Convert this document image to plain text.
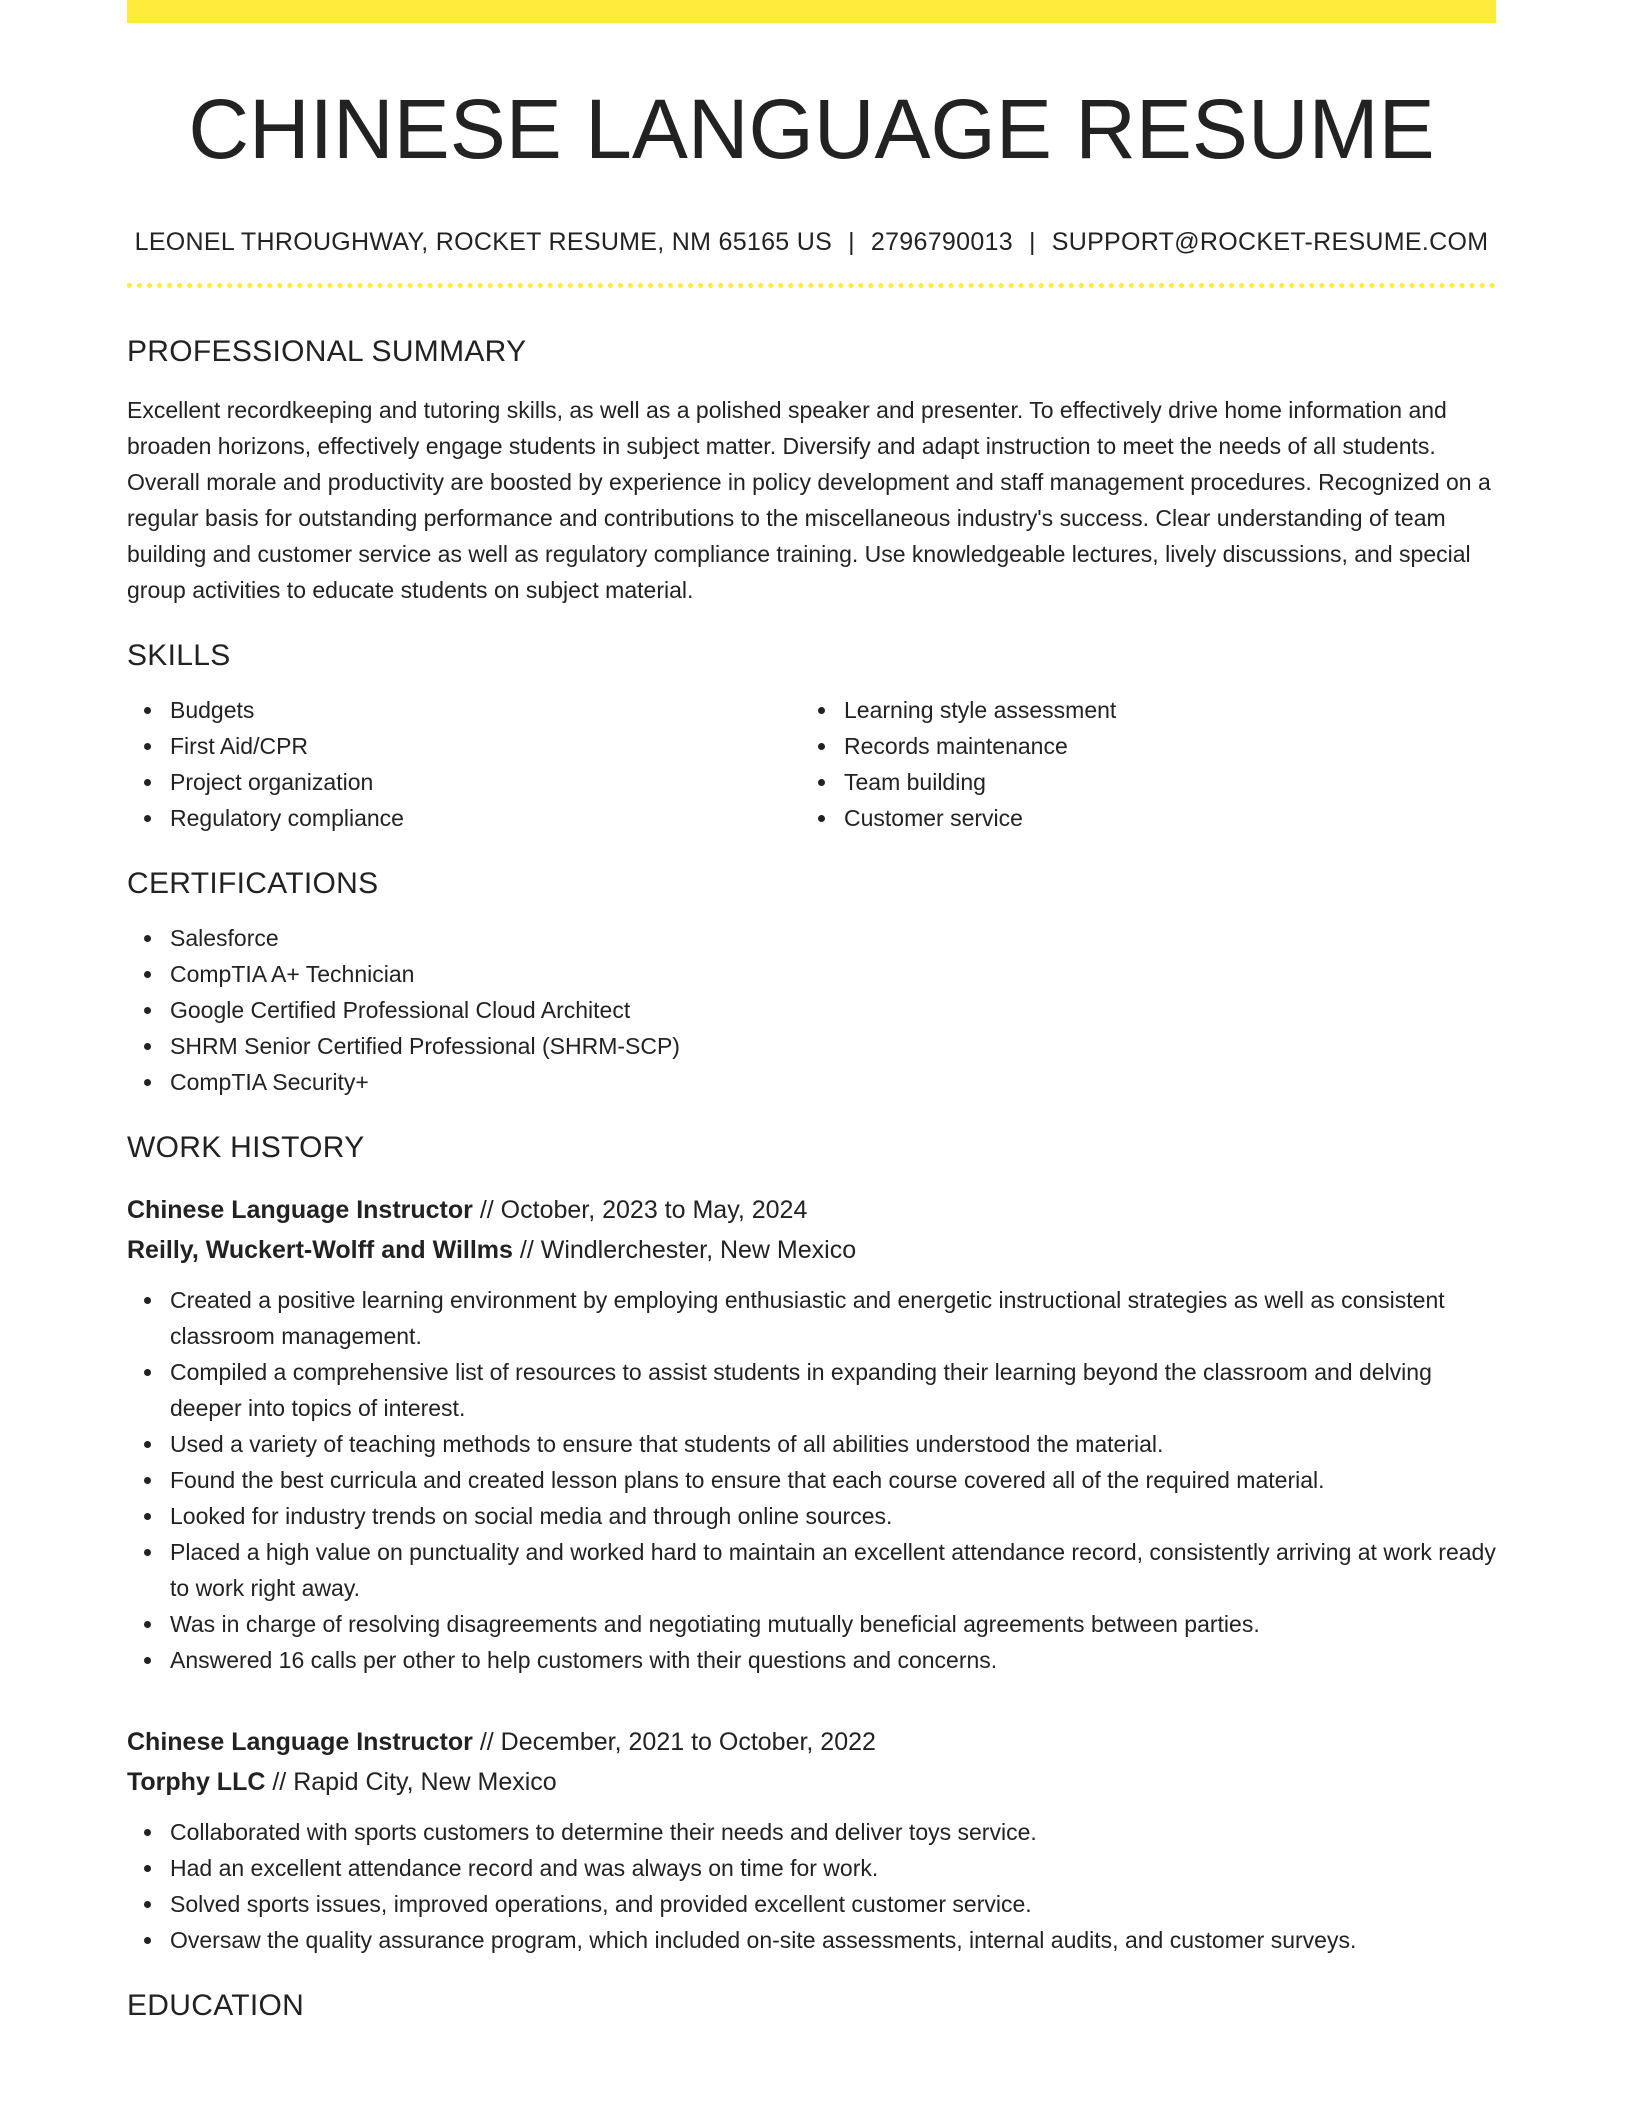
CHINESE LANGUAGE RESUME
LEONEL THROUGHWAY, ROCKET RESUME, NM 65165 US | 2796790013 | SUPPORT@ROCKET-RESUME.COM
PROFESSIONAL SUMMARY

Excellent recordkeeping and tutoring skills, as well as a polished speaker and presenter. To effectively drive home information and broaden horizons, effectively engage students in subject matter. Diversify and adapt instruction to meet the needs of all students. Overall morale and productivity are boosted by experience in policy development and staff management procedures. Recognized on a regular basis for outstanding performance and contributions to the miscellaneous industry's success. Clear understanding of team building and customer service as well as regulatory compliance training. Use knowledgeable lectures, lively discussions, and special group activities to educate students on subject material.

SKILLS
Budgets
First Aid/CPR
Project organization
Regulatory compliance
Learning style assessment
Records maintenance
Team building
Customer service
CERTIFICATIONS
Salesforce
CompTIA A+ Technician
Google Certified Professional Cloud Architect
SHRM Senior Certified Professional (SHRM-SCP)
CompTIA Security+
WORK HISTORY
Chinese Language Instructor // October, 2023 to May, 2024
Reilly, Wuckert-Wolff and Willms // Windlerchester, New Mexico
Created a positive learning environment by employing enthusiastic and energetic instructional strategies as well as consistent classroom management.
Compiled a comprehensive list of resources to assist students in expanding their learning beyond the classroom and delving deeper into topics of interest.
Used a variety of teaching methods to ensure that students of all abilities understood the material.
Found the best curricula and created lesson plans to ensure that each course covered all of the required material.
Looked for industry trends on social media and through online sources.
Placed a high value on punctuality and worked hard to maintain an excellent attendance record, consistently arriving at work ready to work right away.
Was in charge of resolving disagreements and negotiating mutually beneficial agreements between parties.
Answered 16 calls per other to help customers with their questions and concerns.
Chinese Language Instructor // December, 2021 to October, 2022
Torphy LLC // Rapid City, New Mexico
Collaborated with sports customers to determine their needs and deliver toys service.
Had an excellent attendance record and was always on time for work.
Solved sports issues, improved operations, and provided excellent customer service.
Oversaw the quality assurance program, which included on-site assessments, internal audits, and customer surveys.
EDUCATION
